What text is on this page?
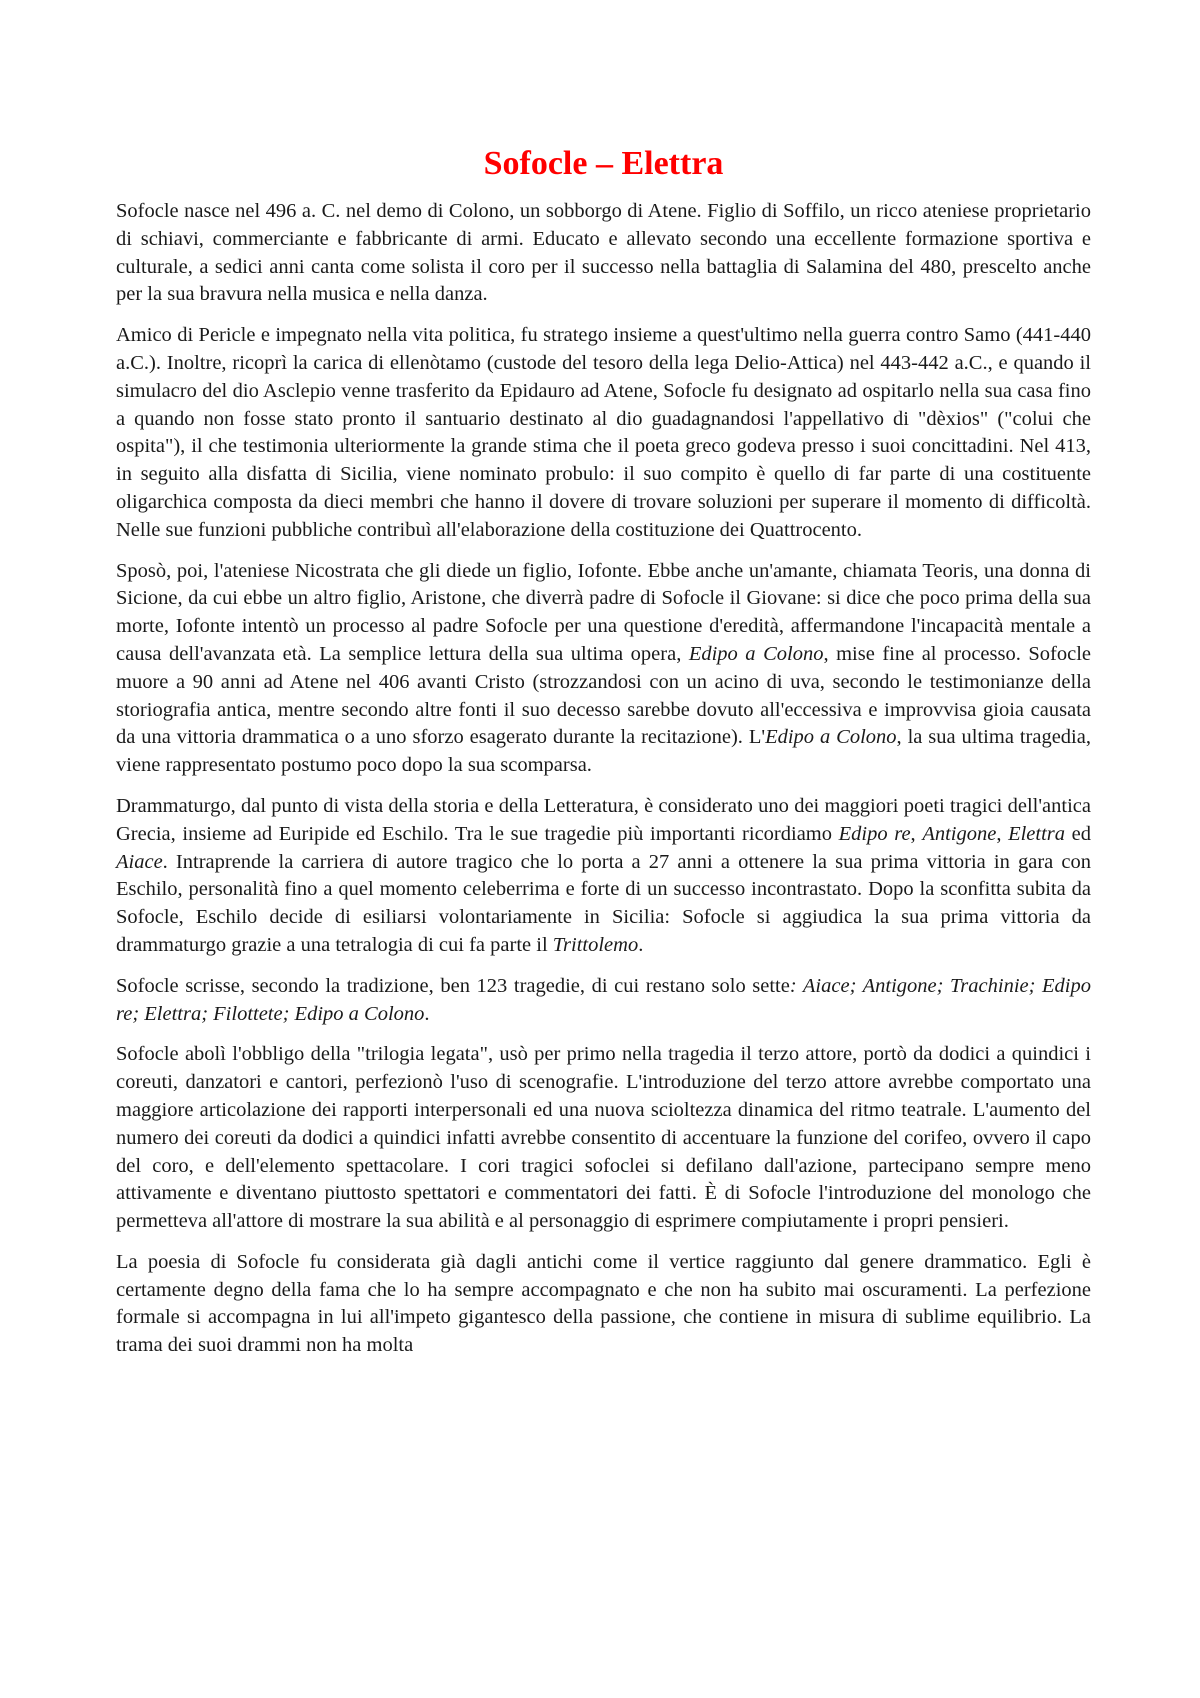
Sofocle – Elettra

Sofocle nasce nel 496 a. C. nel demo di Colono, un sobborgo di Atene. Figlio di Soffilo, un ricco ateniese proprietario di schiavi, commerciante e fabbricante di armi. Educato e allevato secondo una eccellente formazione sportiva e culturale, a sedici anni canta come solista il coro per il successo nella battaglia di Salamina del 480, prescelto anche per la sua bravura nella musica e nella danza.

Amico di Pericle e impegnato nella vita politica, fu stratego insieme a quest'ultimo nella guerra contro Samo (441-440 a.C.). Inoltre, ricoprì la carica di ellenòtamo (custode del tesoro della lega Delio-Attica) nel 443-442 a.C., e quando il simulacro del dio Asclepio venne trasferito da Epidauro ad Atene, Sofocle fu designato ad ospitarlo nella sua casa fino a quando non fosse stato pronto il santuario destinato al dio guadagnandosi l'appellativo di "dèxios" ("colui che ospita"), il che testimonia ulteriormente la grande stima che il poeta greco godeva presso i suoi concittadini. Nel 413, in seguito alla disfatta di Sicilia, viene nominato probulo: il suo compito è quello di far parte di una costituente oligarchica composta da dieci membri che hanno il dovere di trovare soluzioni per superare il momento di difficoltà. Nelle sue funzioni pubbliche contribuì all'elaborazione della costituzione dei Quattrocento.

Sposò, poi, l'ateniese Nicostrata che gli diede un figlio, Iofonte. Ebbe anche un'amante, chiamata Teoris, una donna di Sicione, da cui ebbe un altro figlio, Aristone, che diverrà padre di Sofocle il Giovane: si dice che poco prima della sua morte, Iofonte intentò un processo al padre Sofocle per una questione d'eredità, affermandone l'incapacità mentale a causa dell'avanzata età. La semplice lettura della sua ultima opera, Edipo a Colono, mise fine al processo. Sofocle muore a 90 anni ad Atene nel 406 avanti Cristo (strozzandosi con un acino di uva, secondo le testimonianze della storiografia antica, mentre secondo altre fonti il suo decesso sarebbe dovuto all'eccessiva e improvvisa gioia causata da una vittoria drammatica o a uno sforzo esagerato durante la recitazione). L'Edipo a Colono, la sua ultima tragedia, viene rappresentato postumo poco dopo la sua scomparsa.

Drammaturgo, dal punto di vista della storia e della Letteratura, è considerato uno dei maggiori poeti tragici dell'antica Grecia, insieme ad Euripide ed Eschilo. Tra le sue tragedie più importanti ricordiamo Edipo re, Antigone, Elettra ed Aiace. Intraprende la carriera di autore tragico che lo porta a 27 anni a ottenere la sua prima vittoria in gara con Eschilo, personalità fino a quel momento celeberrima e forte di un successo incontrastato. Dopo la sconfitta subita da Sofocle, Eschilo decide di esiliarsi volontariamente in Sicilia: Sofocle si aggiudica la sua prima vittoria da drammaturgo grazie a una tetralogia di cui fa parte il Trittolemo.

Sofocle scrisse, secondo la tradizione, ben 123 tragedie, di cui restano solo sette: Aiace; Antigone; Trachinie; Edipo re; Elettra; Filottete; Edipo a Colono.

Sofocle abolì l'obbligo della "trilogia legata", usò per primo nella tragedia il terzo attore, portò da dodici a quindici i coreuti, danzatori e cantori, perfezionò l'uso di scenografie. L'introduzione del terzo attore avrebbe comportato una maggiore articolazione dei rapporti interpersonali ed una nuova scioltezza dinamica del ritmo teatrale. L'aumento del numero dei coreuti da dodici a quindici infatti avrebbe consentito di accentuare la funzione del corifeo, ovvero il capo del coro, e dell'elemento spettacolare. I cori tragici sofoclei si defilano dall'azione, partecipano sempre meno attivamente e diventano piuttosto spettatori e commentatori dei fatti. È di Sofocle l'introduzione del monologo che permetteva all'attore di mostrare la sua abilità e al personaggio di esprimere compiutamente i propri pensieri.

La poesia di Sofocle fu considerata già dagli antichi come il vertice raggiunto dal genere drammatico. Egli è certamente degno della fama che lo ha sempre accompagnato e che non ha subito mai oscuramenti. La perfezione formale si accompagna in lui all'impeto gigantesco della passione, che contiene in misura di sublime equilibrio. La trama dei suoi drammi non ha molta
